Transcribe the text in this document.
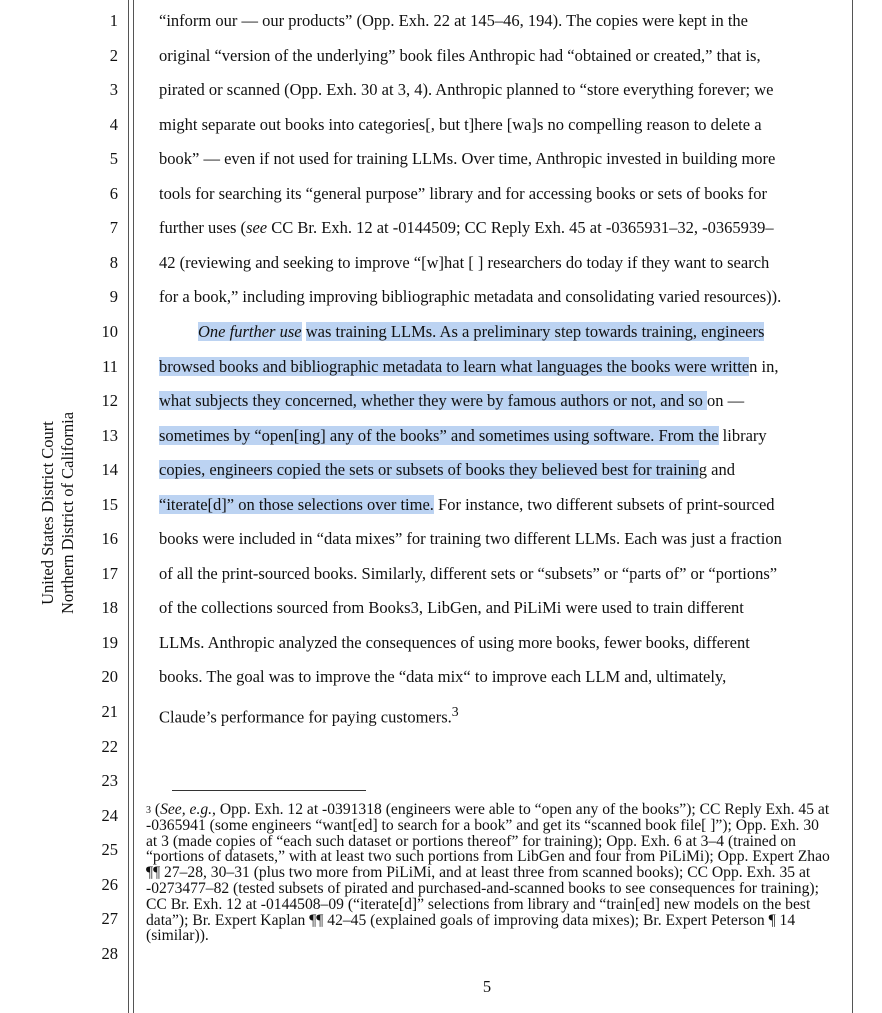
United States District Court Northern District of California
1
2
3
4
5
6
7
8
9
10
11
12
13
14
15
16
17
18
19
20
21
22
23
24
25
26
27
28
“inform our — our products” (Opp. Exh. 22 at 145–46, 194). The copies were kept in the
original “version of the underlying” book files Anthropic had “obtained or created,” that is,
pirated or scanned (Opp. Exh. 30 at 3, 4). Anthropic planned to “store everything forever; we
might separate out books into categories[, but t]here [wa]s no compelling reason to delete a
book” — even if not used for training LLMs. Over time, Anthropic invested in building more
tools for searching its “general purpose” library and for accessing books or sets of books for
further uses (see CC Br. Exh. 12 at -0144509; CC Reply Exh. 45 at -0365931–32, -0365939–
42 (reviewing and seeking to improve “[w]hat [ ] researchers do today if they want to search
for a book,” including improving bibliographic metadata and consolidating varied resources)).
One further use was training LLMs. As a preliminary step towards training, engineers
browsed books and bibliographic metadata to learn what languages the books were written in,
what subjects they concerned, whether they were by famous authors or not, and so on —
sometimes by “open[ing] any of the books” and sometimes using software. From the library
copies, engineers copied the sets or subsets of books they believed best for training and
“iterate[d]” on those selections over time. For instance, two different subsets of print-sourced
books were included in “data mixes” for training two different LLMs. Each was just a fraction
of all the print-sourced books. Similarly, different sets or “subsets” or “parts of” or “portions”
of the collections sourced from Books3, LibGen, and PiLiMi were used to train different
LLMs. Anthropic analyzed the consequences of using more books, fewer books, different
books. The goal was to improve the “data mix“ to improve each LLM and, ultimately,
Claude’s performance for paying customers.$^3$
$^3$ (See, e.g., Opp. Exh. 12 at -0391318 (engineers were able to “open any of the books”); CC Reply Exh. 45 at -0365941 (some engineers “want[ed] to search for a book” and get its “scanned book file[ ]”); Opp. Exh. 30 at 3 (made copies of “each such dataset or portions thereof” for training); Opp. Exh. 6 at 3–4 (trained on “portions of datasets,” with at least two such portions from LibGen and four from PiLiMi); Opp. Expert Zhao ¶¶ 27–28, 30–31 (plus two more from PiLiMi, and at least three from scanned books); CC Opp. Exh. 35 at -0273477–82 (tested subsets of pirated and purchased-and-scanned books to see consequences for training); CC Br. Exh. 12 at -0144508–09 (“iterate[d]” selections from library and “train[ed] new models on the best data”); Br. Expert Kaplan ¶¶ 42–45 (explained goals of improving data mixes); Br. Expert Peterson ¶ 14 (similar)).
5
